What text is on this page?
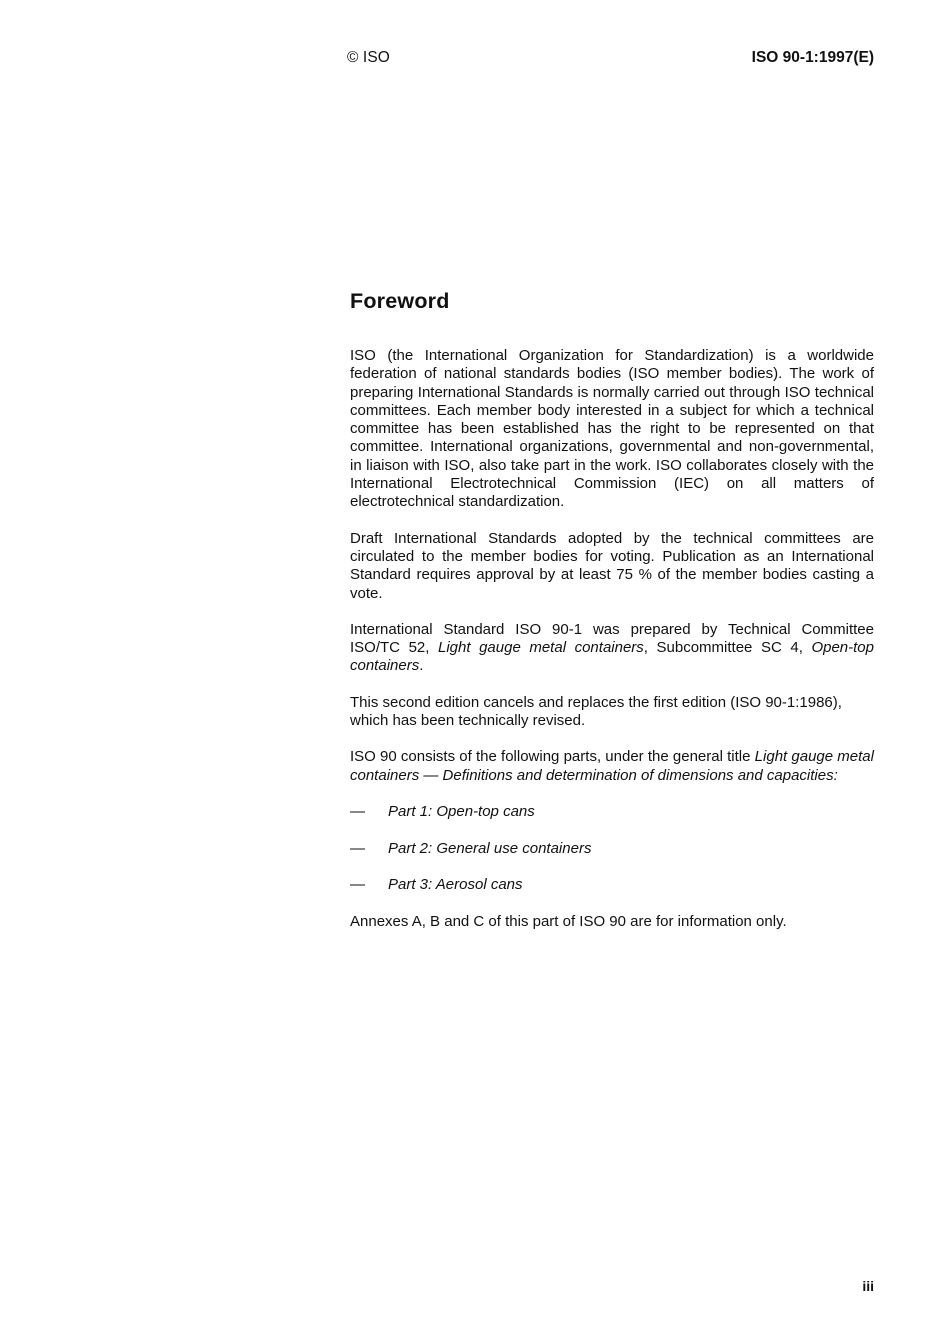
© ISO	ISO 90-1:1997(E)
Foreword

ISO (the International Organization for Standardization) is a worldwide federation of national standards bodies (ISO member bodies). The work of preparing International Standards is normally carried out through ISO technical committees. Each member body interested in a subject for which a technical committee has been established has the right to be represented on that committee. International organizations, governmental and non-governmental, in liaison with ISO, also take part in the work. ISO collaborates closely with the International Electrotechnical Commission (IEC) on all matters of electrotechnical standardization.

Draft International Standards adopted by the technical committees are circulated to the member bodies for voting. Publication as an International Standard requires approval by at least 75 % of the member bodies casting a vote.

International Standard ISO 90-1 was prepared by Technical Committee ISO/TC 52, Light gauge metal containers, Subcommittee SC 4, Open-top containers.

This second edition cancels and replaces the first edition (ISO 90-1:1986), which has been technically revised.

ISO 90 consists of the following parts, under the general title Light gauge metal containers — Definitions and determination of dimensions and capacities:

—	Part 1: Open-top cans
—	Part 2: General use containers
—	Part 3: Aerosol cans

Annexes A, B and C of this part of ISO 90 are for information only.

iii
